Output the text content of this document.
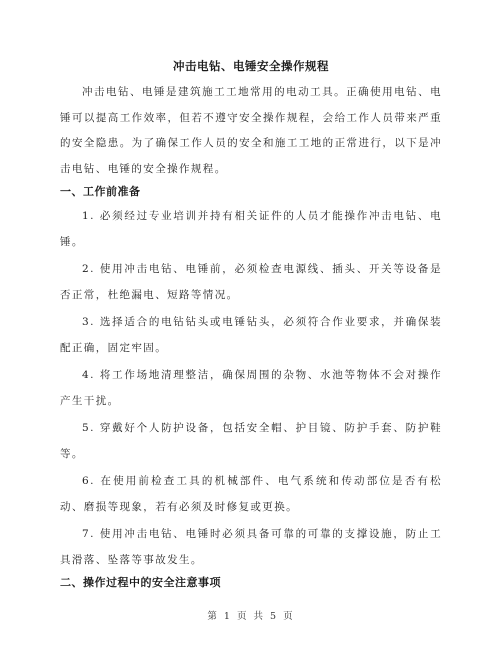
冲击电钻、电锤安全操作规程

冲击电钻、电锤是建筑施工工地常用的电动工具。正确使用电钻、电锤可以提高工作效率，但若不遵守安全操作规程，会给工作人员带来严重的安全隐患。为了确保工作人员的安全和施工工地的正常进行，以下是冲击电钻、电锤的安全操作规程。

一、工作前准备

1. 必须经过专业培训并持有相关证件的人员才能操作冲击电钻、电锤。

2. 使用冲击电钻、电锤前，必须检查电源线、插头、开关等设备是否正常，杜绝漏电、短路等情况。

3. 选择适合的电钻钻头或电锤钻头，必须符合作业要求，并确保装配正确，固定牢固。

4. 将工作场地清理整洁，确保周围的杂物、水池等物体不会对操作产生干扰。

5. 穿戴好个人防护设备，包括安全帽、护目镜、防护手套、防护鞋等。

6. 在使用前检查工具的机械部件、电气系统和传动部位是否有松动、磨损等现象，若有必须及时修复或更换。

7. 使用冲击电钻、电锤时必须具备可靠的可靠的支撑设施，防止工具滑落、坠落等事故发生。

二、操作过程中的安全注意事项
第 1 页 共 5 页
